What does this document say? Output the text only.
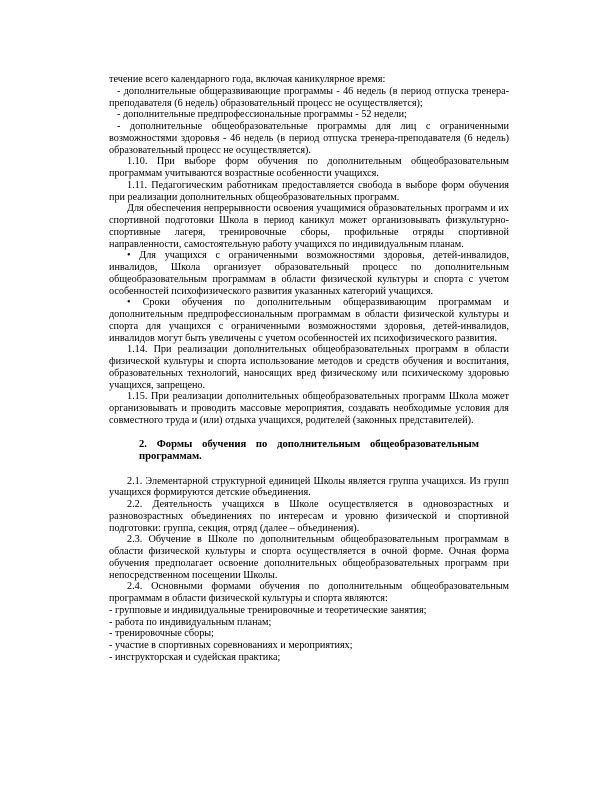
течение всего календарного года, включая каникулярное время:

- дополнительные общеразвивающие программы - 46 недель (в период отпуска тренера-преподавателя (6 недель) образовательный процесс не осуществляется);

- дополнительные предпрофессиональные программы - 52 недели;

- дополнительные общеобразовательные программы для лиц с ограниченными возможностями здоровья - 46 недель (в период отпуска тренера-преподавателя (6 недель) образовательный процесс не осуществляется).

1.10. При выборе форм обучения по дополнительным общеобразовательным программам учитываются возрастные особенности учащихся.

1.11. Педагогическим работникам предоставляется свобода в выборе форм обучения при реализации дополнительных общеобразовательных программ.

Для обеспечения непрерывности освоения учащимися образовательных программ и их спортивной подготовки Школа в период каникул может организовывать физкультурно-спортивные лагеря, тренировочные сборы, профильные отряды спортивной направленности, самостоятельную работу учащихся по индивидуальным планам.

• Для учащихся с ограниченными возможностями здоровья, детей-инвалидов, инвалидов, Школа организует образовательный процесс по дополнительным общеобразовательным программам в области физической культуры и спорта с учетом особенностей психофизического развития указанных категорий учащихся.

• Сроки обучения по дополнительным общеразвивающим программам и дополнительным предпрофессиональным программам в области физической культуры и спорта для учащихся с ограниченными возможностями здоровья, детей-инвалидов, инвалидов могут быть увеличены с учетом особенностей их психофизического развития.

1.14. При реализации дополнительных общеобразовательных программ в области физической культуры и спорта использование методов и средств обучения и воспитания, образовательных технологий, наносящих вред физическому или психическому здоровью учащихся, запрещено.

1.15. При реализации дополнительных общеобразовательных программ Школа может организовывать и проводить массовые мероприятия, создавать необходимые условия для совместного труда и (или) отдыха учащихся, родителей (законных представителей).

2. Формы обучения по дополнительным общеобразовательным программам.

2.1. Элементарной структурной единицей Школы является группа учащихся. Из групп учащихся формируются детские объединения.

2.2. Деятельность учащихся в Школе осуществляется в одновозрастных и разновозрастных объединениях по интересам и уровню физической и спортивной подготовки: группа, секция, отряд (далее – объединения).

2.3. Обучение в Школе по дополнительным общеобразовательным программам в области физической культуры и спорта осуществляется в очной форме. Очная форма обучения предполагает освоение дополнительных общеобразовательных программ при непосредственном посещении Школы.

2.4. Основными формами обучения по дополнительным общеобразовательным программам в области физической культуры и спорта являются:

- групповые и индивидуальные тренировочные и теоретические занятия;

- работа по индивидуальным планам;

- тренировочные сборы;

- участие в спортивных соревнованиях и мероприятиях;

- инструкторская и судейская практика;
